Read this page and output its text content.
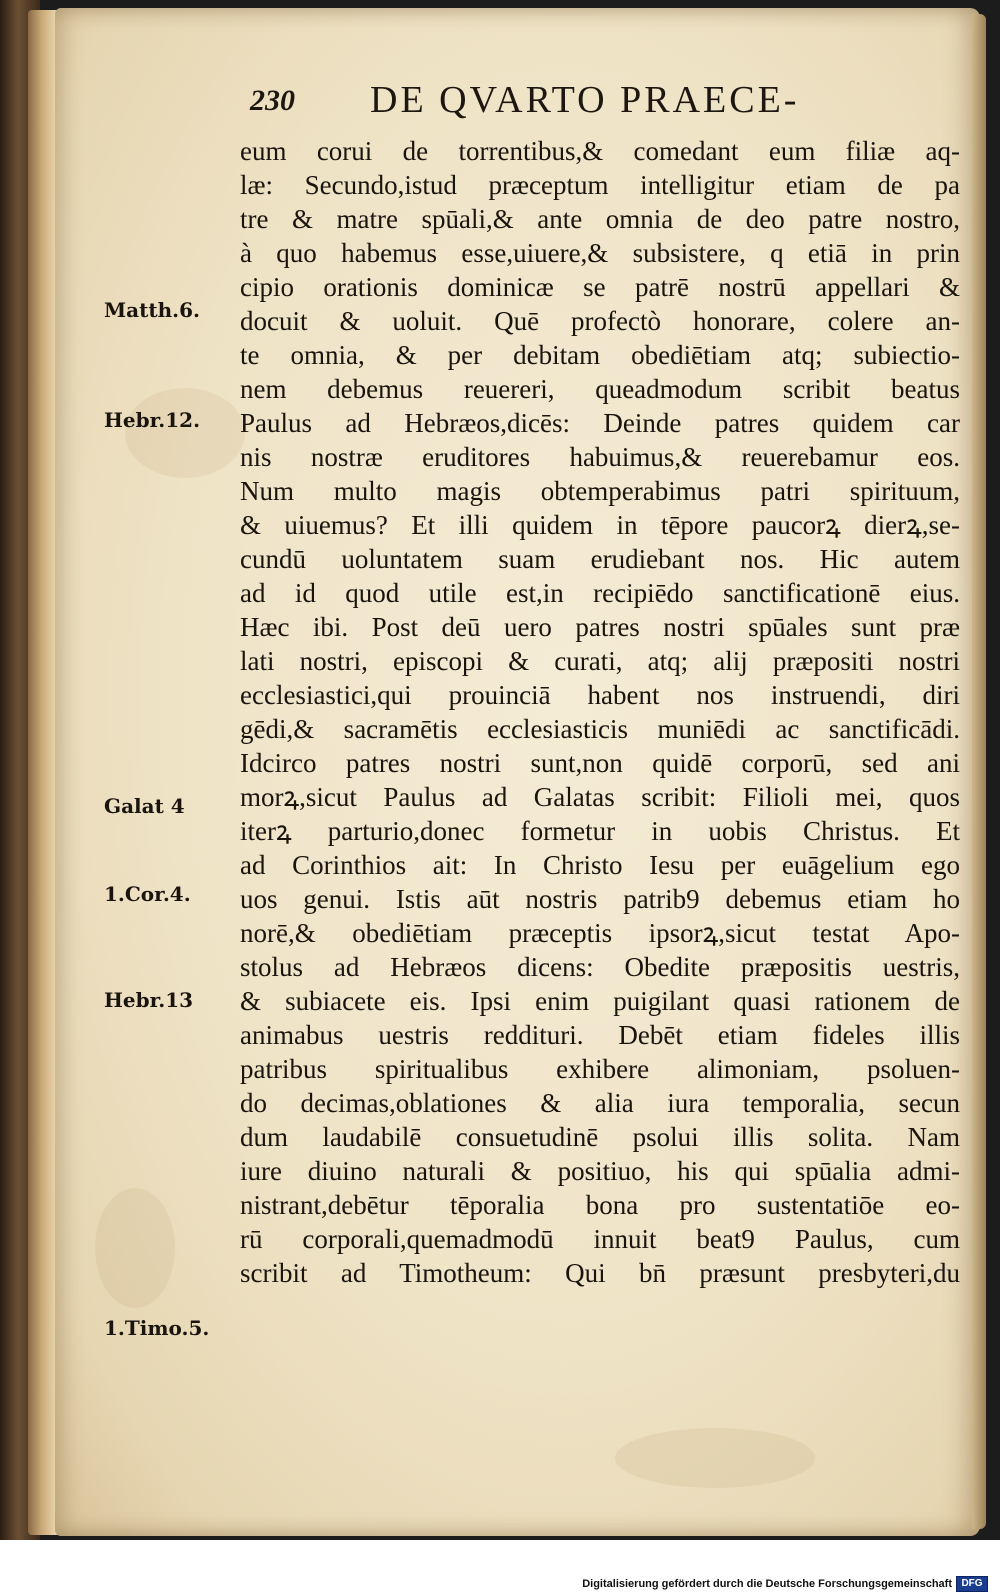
230 DE QVARTO PRAECE-
eum corui de torrentibus,& comedant eum filiæ aq-
læ: Secundo,istud præceptum intelligitur etiam de pa
tre & matre spūali,& ante omnia de deo patre nostro,
à quo habemus esse,uiuere,& subsistere, q etiā in prin
cipio orationis dominicæ se patrē nostrū appellari &
docuit & uoluit. Quē profectò honorare, colere an-
te omnia, & per debitam obediētiam atq; subiectio-
nem debemus reuereri, queadmodum scribit beatus
Paulus ad Hebræos,dicēs: Deinde patres quidem car
nis nostræ eruditores habuimus,& reuerebamur eos.
Num multo magis obtemperabimus patri spirituum,
& uiuemus? Et illi quidem in tēpore paucorꝝ dierꝝ,se-
cundū uoluntatem suam erudiebant nos. Hic autem
ad id quod utile est,in recipiēdo sanctificationē eius.
Hæc ibi. Post deū uero patres nostri spūales sunt præ
lati nostri, episcopi & curati, atq; alij præpositi nostri
ecclesiastici,qui prouinciā habent nos instruendi, diri
gēdi,& sacramētis ecclesiasticis muniēdi ac sanctificādi.
Idcirco patres nostri sunt,non quidē corporū, sed ani
morꝝ,sicut Paulus ad Galatas scribit: Filioli mei, quos
iterꝝ parturio,donec formetur in uobis Christus. Et
ad Corinthios ait: In Christo Iesu per euāgelium ego
uos genui. Istis aūt nostris patrib9 debemus etiam ho
norē,& obediētiam præceptis ipsorꝝ,sicut testat Apo-
stolus ad Hebræos dicens: Obedite præpositis uestris,
& subiacete eis. Ipsi enim puigilant quasi rationem de
animabus uestris reddituri. Debēt etiam fideles illis
patribus spiritualibus exhibere alimoniam, psoluen-
do decimas,oblationes & alia iura temporalia, secun
dum laudabilē consuetudinē psolui illis solita. Nam
iure diuino naturali & positiuo, his qui spūalia admi-
nistrant,debētur tēporalia bona pro sustentatiōe eo-
rū corporali,quemadmodū innuit beat9 Paulus, cum
scribit ad Timotheum: Qui bn̄ præsunt presbyteri,du
Matth.6.
Hebr.12.
Galat 4
1.Cor.4.
Hebr.13
1.Timo.5.
Digitalisierung gefördert durch die Deutsche Forschungsgemeinschaft DFG
